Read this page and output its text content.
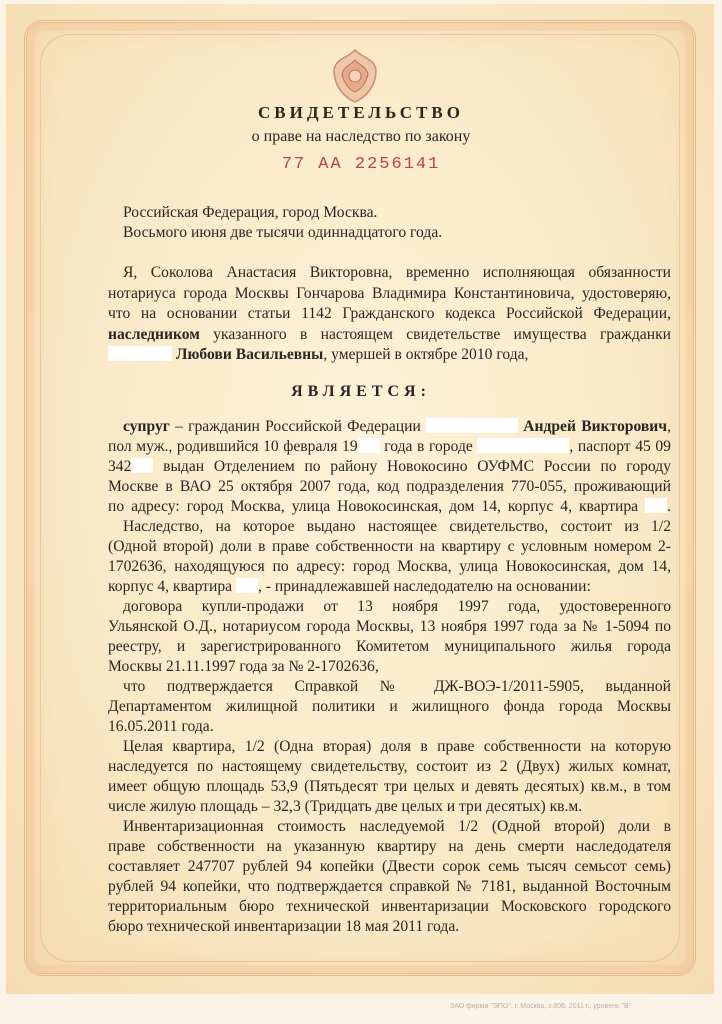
СВИДЕТЕЛЬСТВО
о праве на наследство по закону
77 АА 2256141
Российская Федерация, город Москва.
Восьмого июня две тысячи одиннадцатого года.
Я, Соколова Анастасия Викторовна, временно исполняющая обязанности
нотариуса города Москвы Гончарова Владимира Константиновича, удостоверяю,
что на основании статьи 1142 Гражданского кодекса Российской Федерации,
наследником указанного в настоящем свидетельстве имущества гражданки
Любови Васильевны, умершей в октябре 2010 года,
ЯВЛЯЕТСЯ:
супруг – гражданин Российской Федерации	Андрей Викторович,
пол муж., родившийся 10 февраля 19 года в городе	, паспорт 45 09
342 выдан Отделением по району Новокосино ОУФМС России по городу
Москве в ВАО 25 октября 2007 года, код подразделения 770-055, проживающий
по адресу: город Москва, улица Новокосинская, дом 14, корпус 4, квартира .
Наследство, на которое выдано настоящее свидетельство, состоит из 1/2
(Одной второй) доли в праве собственности на квартиру с условным номером 2-
1702636, находящуюся по адресу: город Москва, улица Новокосинская, дом 14,
корпус 4, квартира , - принадлежавшей наследодателю на основании:
договора купли-продажи от 13 ноября 1997 года, удостоверенного
Ульянской О.Д., нотариусом города Москвы, 13 ноября 1997 года за № 1-5094 по
реестру, и зарегистрированного Комитетом муниципального жилья города
Москвы 21.11.1997 года за № 2-1702636,
что подтверждается Справкой № ДЖ-ВОЭ-1/2011-5905, выданной
Департаментом жилищной политики и жилищного фонда города Москвы
16.05.2011 года.
Целая квартира, 1/2 (Одна вторая) доля в праве собственности на которую
наследуется по настоящему свидетельству, состоит из 2 (Двух) жилых комнат,
имеет общую площадь 53,9 (Пятьдесят три целых и девять десятых) кв.м., в том
числе жилую площадь – 32,3 (Тридцать две целых и три десятых) кв.м.
Инвентаризационная стоимость наследуемой 1/2 (Одной второй) доли в
праве собственности на указанную квартиру на день смерти наследодателя
составляет 247707 рублей 94 копейки (Двести сорок семь тысяч семьсот семь)
рублей 94 копейки, что подтверждается справкой № 7181, выданной Восточным
территориальным бюро технической инвентаризации Московского городского
бюро технической инвентаризации 18 мая 2011 года.
ЗАО фирма "ЭПО", г. Москва, з.806, 2011 г., уровень "В"
